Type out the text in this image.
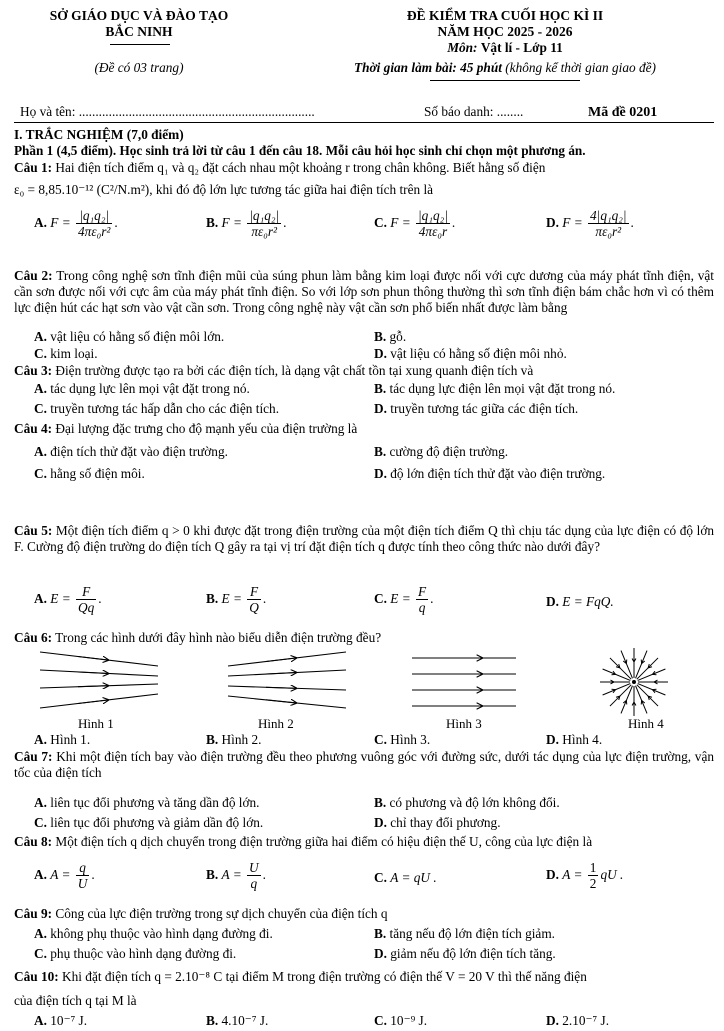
SỞ GIÁO DỤC VÀ ĐÀO TẠO
BẮC NINH
(Đề có 03 trang)
ĐỀ KIỂM TRA CUỐI HỌC KÌ II
NĂM HỌC 2025 - 2026
Môn: Vật lí - Lớp 11
Thời gian làm bài: 45 phút (không kể thời gian giao đề)
Họ và tên: .......................................................................	Số báo danh: ........	Mã đề 0201
I. TRẮC NGHIỆM (7,0 điểm)
Phần 1 (4,5 điểm). Học sinh trả lời từ câu 1 đến câu 18. Mỗi câu hỏi học sinh chỉ chọn một phương án.
Câu 1: Hai điện tích điểm q₁ và q₂ đặt cách nhau một khoảng r trong chân không. Biết hằng số điện
ε₀ = 8,85.10⁻¹² (C²/N.m²), khi đó độ lớn lực tương tác giữa hai điện tích trên là
A. $F = \frac{\text{|q₁q₂|}}{\text{4πε₀r²}}$ .	B. $F = \frac{\text{|q₁q₂|}}{\text{πε₀r²}}$ .	C. $F = \frac{\text{|q₁q₂|}}{\text{4πε₀r}}$ .	D. $F = \frac{\text{4|q₁q₂|}}{\text{πε₀r²}}$ .
Câu 2: Trong công nghệ sơn tĩnh điện mũi của súng phun làm bằng kim loại được nối với cực dương của máy phát tĩnh điện, vật cần sơn được nối với cực âm của máy phát tĩnh điện. So với lớp sơn phun thông thường thì sơn tĩnh điện bám chắc hơn vì có thêm lực điện hút các hạt sơn vào vật cần sơn. Trong công nghệ này vật cần sơn phổ biến nhất được làm bằng
A. vật liệu có hằng số điện môi lớn.	B. gỗ.
C. kim loại.	D. vật liệu có hằng số điện môi nhỏ.
Câu 3: Điện trường được tạo ra bởi các điện tích, là dạng vật chất tồn tại xung quanh điện tích và
A. tác dụng lực lên mọi vật đặt trong nó.	B. tác dụng lực điện lên mọi vật đặt trong nó.
C. truyền tương tác hấp dẫn cho các điện tích.	D. truyền tương tác giữa các điện tích.
Câu 4: Đại lượng đặc trưng cho độ mạnh yếu của điện trường là
A. điện tích thử đặt vào điện trường.	B. cường độ điện trường.
C. hằng số điện môi.	D. độ lớn điện tích thử đặt vào điện trường.
Câu 5: Một điện tích điểm q > 0 khi được đặt trong điện trường của một điện tích điểm Q thì chịu tác dụng của lực điện có độ lớn F. Cường độ điện trường do điện tích Q gây ra tại vị trí đặt điện tích q được tính theo công thức nào dưới đây?
A. $E = \frac{F}{Qq}$ .	B. $E = \frac{F}{Q}$ .	C. $E = \frac{F}{q}$ .	D. E = FqQ.
Câu 6: Trong các hình dưới đây hình nào biểu diễn điện trường đều?
Hình 1	Hình 2	Hình 3	Hình 4
A. Hình 1.	B. Hình 2.	C. Hình 3.	D. Hình 4.
Câu 7: Khi một điện tích bay vào điện trường đều theo phương vuông góc với đường sức, dưới tác dụng của lực điện trường, vận tốc của điện tích
A. liên tục đổi phương và tăng dần độ lớn.	B. có phương và độ lớn không đổi.
C. liên tục đổi phương và giảm dần độ lớn.	D. chỉ thay đổi phương.
Câu 8: Một điện tích q dịch chuyển trong điện trường giữa hai điểm có hiệu điện thế U, công của lực điện là
A. $A = \frac{q}{U}$ .	B. $A = \frac{U}{q}$ .	C. A = qU .	D. $A = \frac{1}{2}$ qU .
Câu 9: Công của lực điện trường trong sự dịch chuyển của điện tích q
A. không phụ thuộc vào hình dạng đường đi.	B. tăng nếu độ lớn điện tích giảm.
C. phụ thuộc vào hình dạng đường đi.	D. giảm nếu độ lớn điện tích tăng.
Câu 10: Khi đặt điện tích q = 2.10⁻⁸ C tại điểm M trong điện trường có điện thế V = 20 V thì thế năng điện
của điện tích q tại M là
A. 10⁻⁷ J.	B. 4.10⁻⁷ J.	C. 10⁻⁹ J.	D. 2.10⁻⁷ J.
